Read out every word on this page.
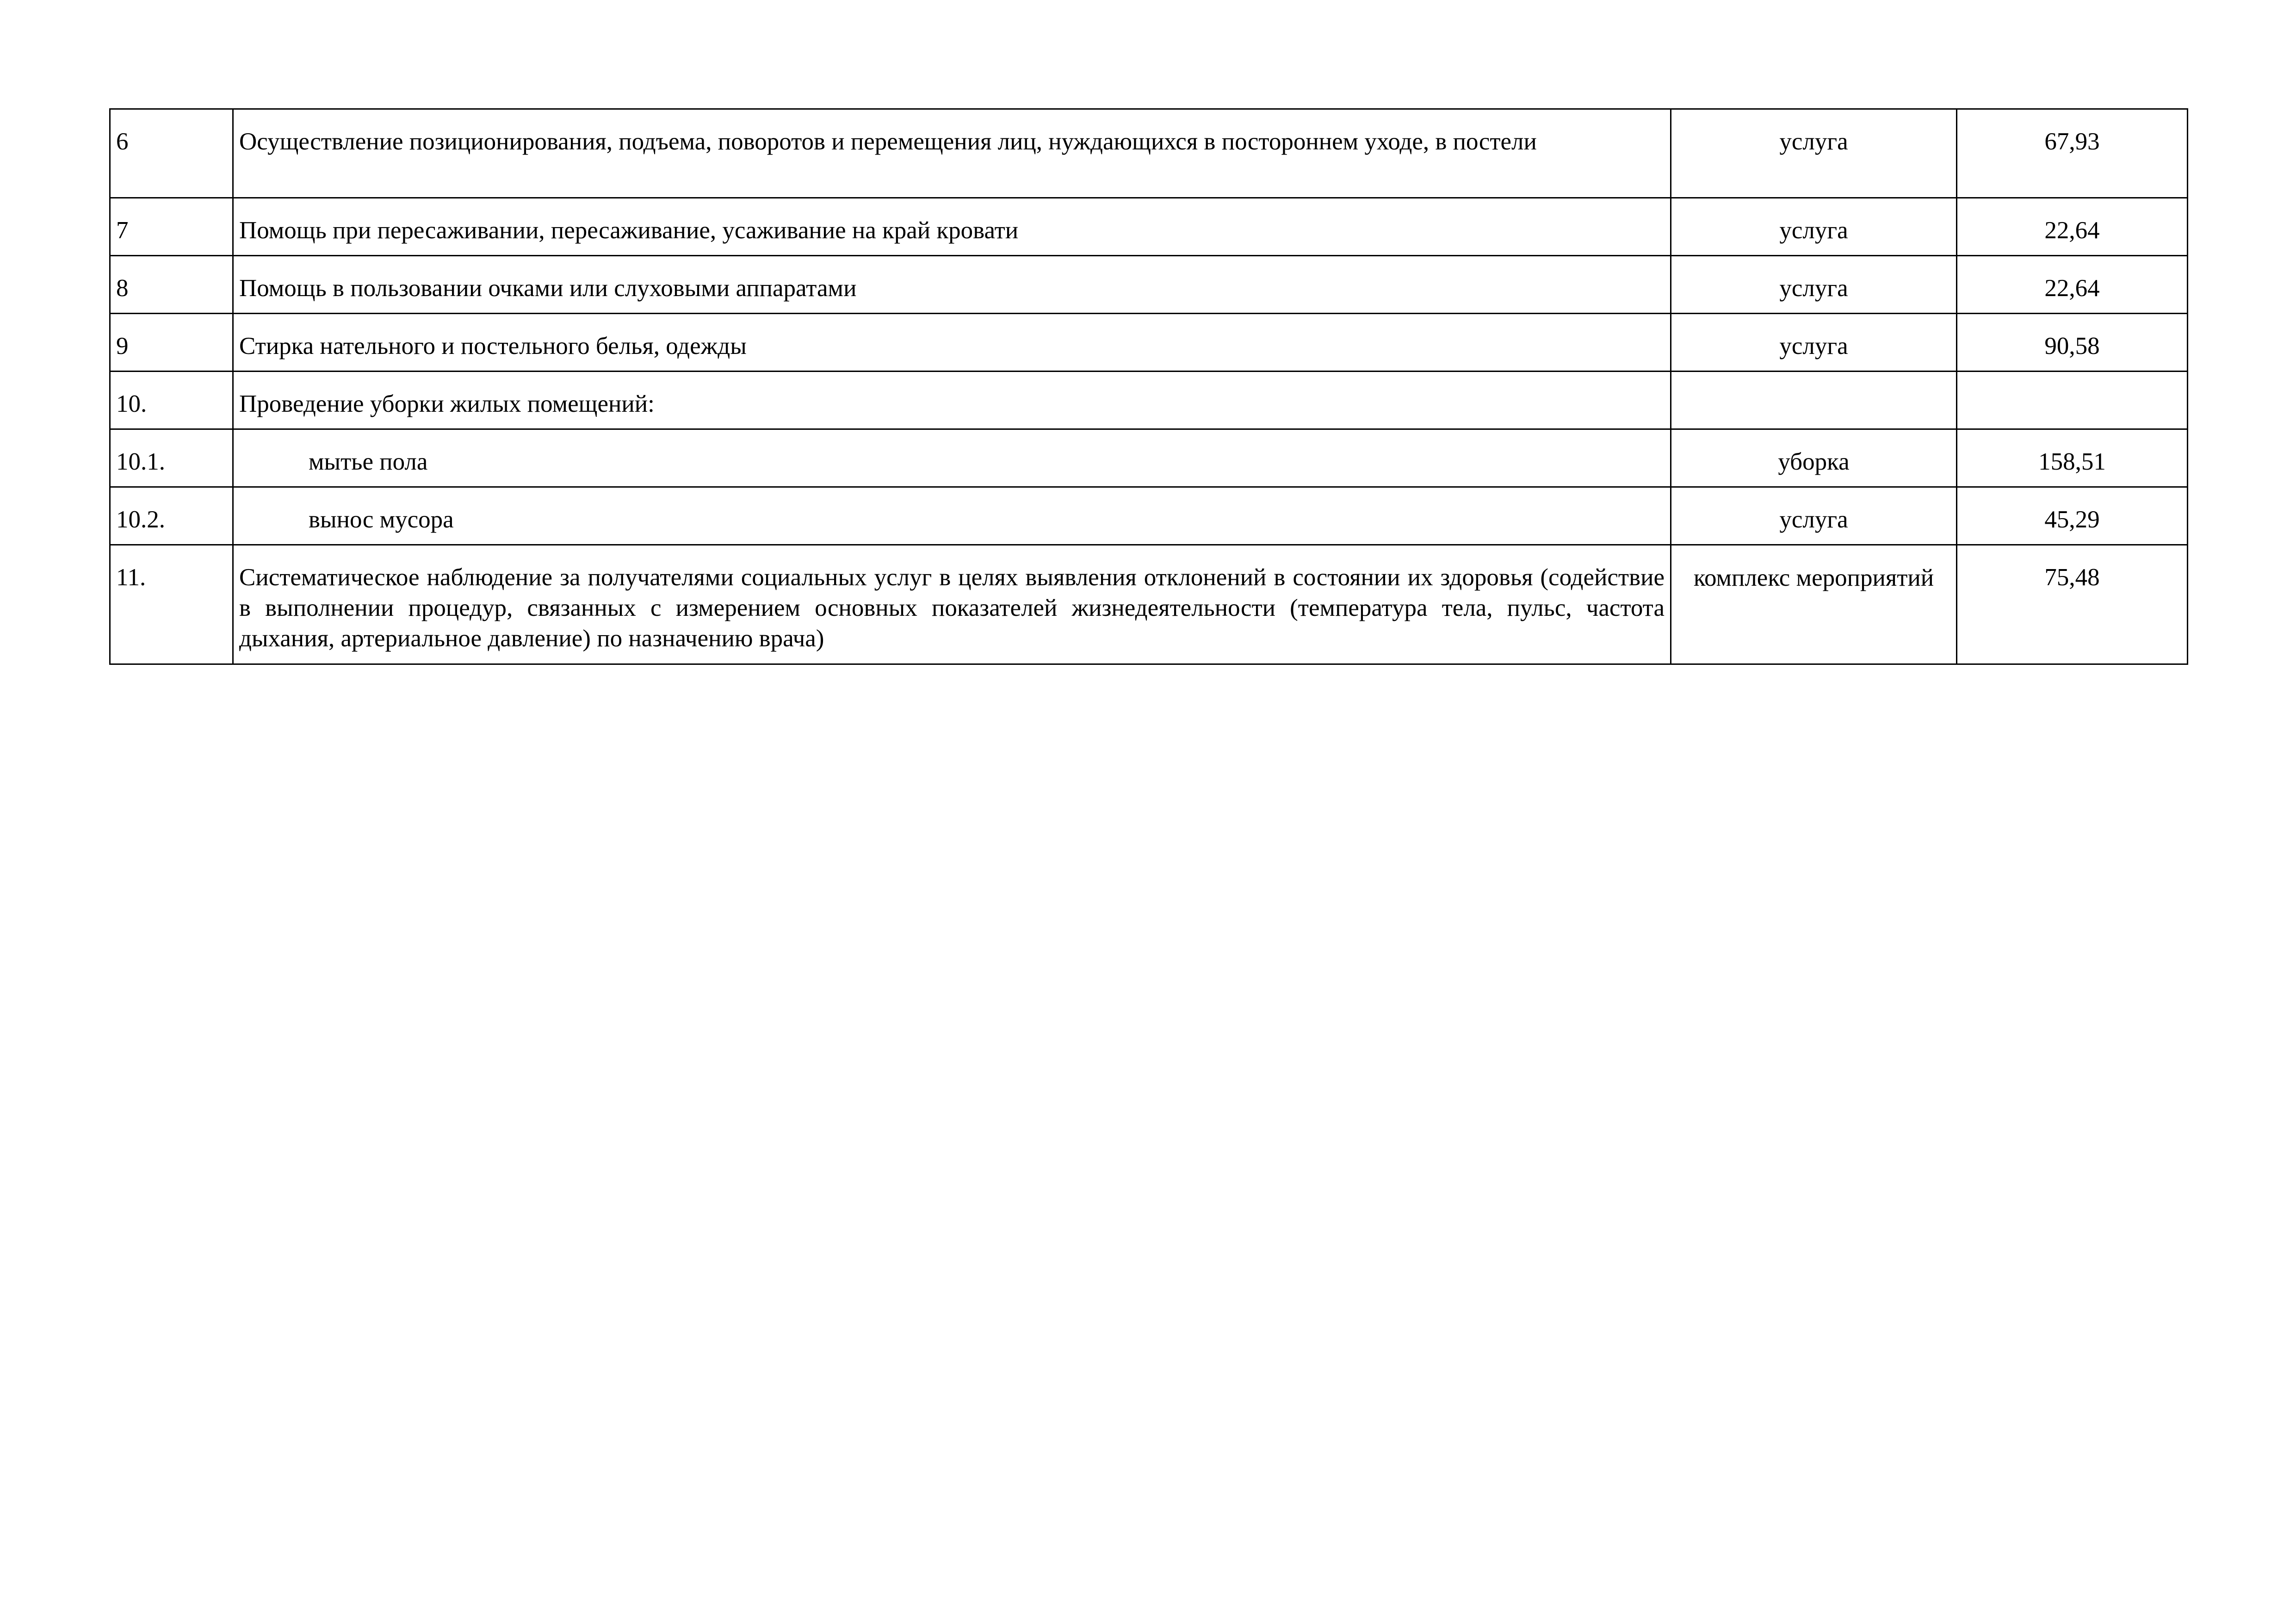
6	Осуществление позиционирования, подъема, поворотов и перемещения лиц, нуждающихся в постороннем уходе, в постели	услуга	67,93
7	Помощь при пересаживании, пересаживание, усаживание на край кровати	услуга	22,64
8	Помощь в пользовании очками или слуховыми аппаратами	услуга	22,64
9	Стирка нательного и постельного белья, одежды	услуга	90,58
10.	Проведение уборки жилых помещений:		
10.1.	мытье пола	уборка	158,51
10.2.	вынос мусора	услуга	45,29
11.	Систематическое наблюдение за получателями социальных услуг в целях выявления отклонений в состоянии их здоровья (содействие в выполнении процедур, связанных с измерением основных показателей жизнедеятельности (температура тела, пульс, частота дыхания, артериальное давление) по назначению врача)	комплекс мероприятий	75,48
